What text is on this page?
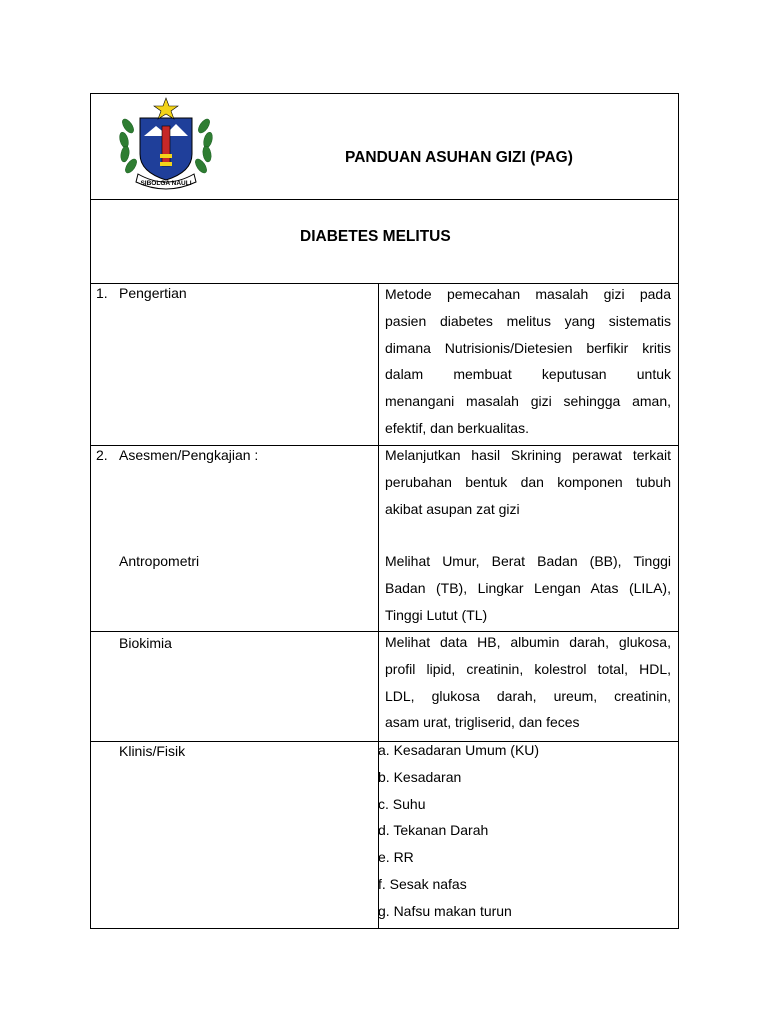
SIBOLGA NAULI
PANDUAN ASUHAN GIZI (PAG)
DIABETES MELITUS
1. Pengertian	Metode pemecahan masalah gizi pada
pasien diabetes melitus yang sistematis
dimana Nutrisionis/Dietesien berfikir kritis
dalam membuat keputusan untuk
menangani masalah gizi sehingga aman,
efektif, dan berkualitas.
2. Asesmen/Pengkajian :	Melanjutkan hasil Skrining perawat terkait
perubahan bentuk dan komponen tubuh
akibat asupan zat gizi
Antropometri	Melihat Umur, Berat Badan (BB), Tinggi
Badan (TB), Lingkar Lengan Atas (LILA),
Tinggi Lutut (TL)
Biokimia	Melihat data HB, albumin darah, glukosa,
profil lipid, creatinin, kolestrol total, HDL,
LDL, glukosa darah, ureum, creatinin,
asam urat, trigliserid, dan feces
Klinis/Fisik	a. Kesadaran Umum (KU)
b. Kesadaran
c. Suhu
d. Tekanan Darah
e. RR
f. Sesak nafas
g. Nafsu makan turun
